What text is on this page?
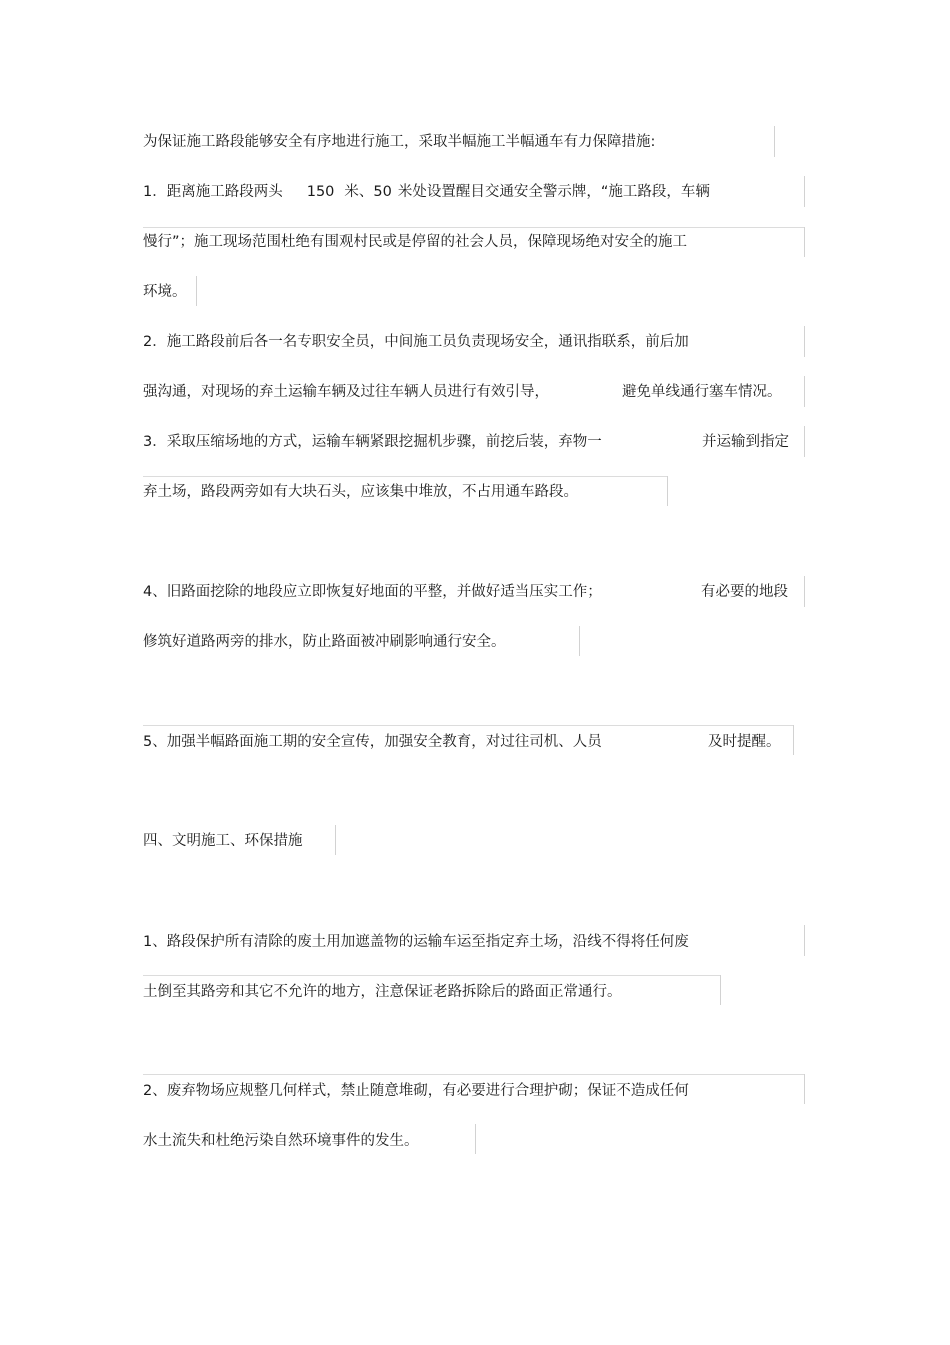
为保证施工路段能够安全有序地进行施工，采取半幅施工半幅通车有力保障措施:
1．距离施工路段两头 150 米、50 米处设置醒目交通安全警示牌，“施工路段，车辆
慢行”；施工现场范围杜绝有围观村民或是停留的社会人员，保障现场绝对安全的施工
环境。
2．施工路段前后各一名专职安全员，中间施工员负责现场安全，通讯指联系，前后加
强沟通，对现场的弃土运输车辆及过往车辆人员进行有效引导，	避免单线通行塞车情况。
3．采取压缩场地的方式，运输车辆紧跟挖掘机步骤，前挖后装，弃物一	并运输到指定
弃土场，路段两旁如有大块石头，应该集中堆放，不占用通车路段。
4、旧路面挖除的地段应立即恢复好地面的平整，并做好适当压实工作；	有必要的地段
修筑好道路两旁的排水，防止路面被冲刷影响通行安全。
5、加强半幅路面施工期的安全宣传，加强安全教育，对过往司机、人员	及时提醒。
四、文明施工、环保措施
1、路段保护所有清除的废土用加遮盖物的运输车运至指定弃土场，沿线不得将任何废
土倒至其路旁和其它不允许的地方，注意保证老路拆除后的路面正常通行。
2、废弃物场应规整几何样式，禁止随意堆砌，有必要进行合理护砌；保证不造成任何
水土流失和杜绝污染自然环境事件的发生。
